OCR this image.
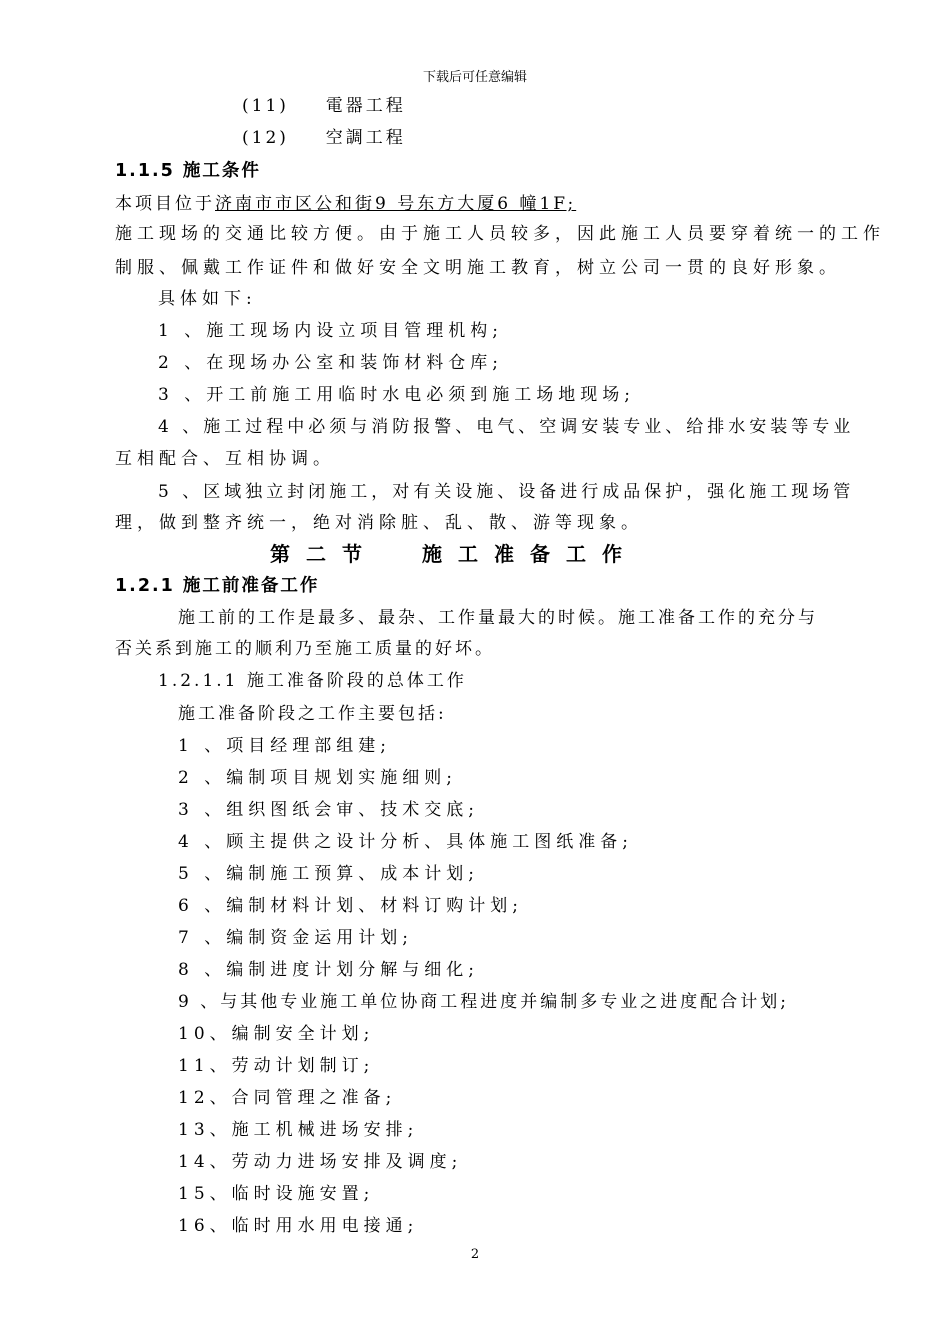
下载后可任意编辑
(11) 電器工程
(12) 空調工程
1.1.5 施工条件
本项目位于济南市市区公和街9 号东方大厦6 幢1F;
施工现场的交通比较方便。由于施工人员较多，因此施工人员要穿着统一的工作
制服、佩戴工作证件和做好安全文明施工教育，树立公司一贯的良好形象。
具体如下:
1 、施工现场内设立项目管理机构;
2 、在现场办公室和装饰材料仓库;
3 、开工前施工用临时水电必须到施工场地现场;
4 、施工过程中必须与消防报警、电气、空调安装专业、给排水安装等专业
互相配合、互相协调。
5 、区域独立封闭施工，对有关设施、设备进行成品保护，强化施工现场管
理，做到整齐统一，绝对消除脏、乱、散、游等现象。
第二节 施工准备工作
1.2.1 施工前准备工作
施工前的工作是最多、最杂、工作量最大的时候。施工准备工作的充分与
否关系到施工的顺利乃至施工质量的好坏。
1.2.1.1 施工准备阶段的总体工作
施工准备阶段之工作主要包括:
1 、项目经理部组建;
2 、编制项目规划实施细则;
3 、组织图纸会审、技术交底;
4 、顾主提供之设计分析、具体施工图纸准备;
5 、编制施工预算、成本计划;
6 、编制材料计划、材料订购计划;
7 、编制资金运用计划;
8 、编制进度计划分解与细化;
9 、与其他专业施工单位协商工程进度并编制多专业之进度配合计划;
10、编制安全计划;
11、劳动计划制订;
12、合同管理之准备;
13、施工机械进场安排;
14、劳动力进场安排及调度;
15、临时设施安置;
16、临时用水用电接通;
2
